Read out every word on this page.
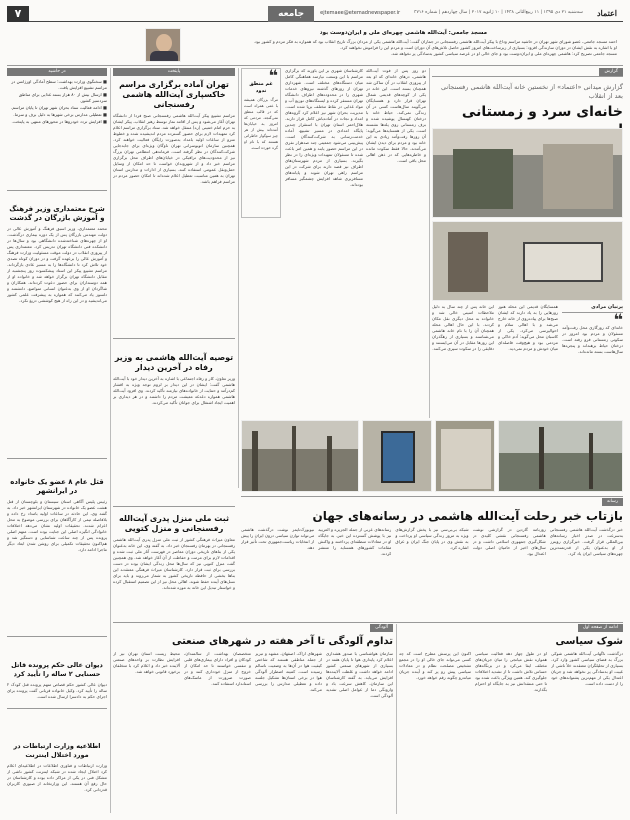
اعتماد
سه‌شنبه ۲۱ دی ۱۳۹۵ | ۱۱ ربیع‌الثانی ۱۴۳۸ | ۱۰ ژانویه ۲۰۱۷ | سال چهاردهم | شماره ۳۷۱۶
ejtemaee@etemadnewspaper.ir
جامعه
۷
مسجد جامعی: آیت‌الله هاشمی چهره‌ای ملی و ایران‌دوست بود
احمد مسجد جامعی، عضو شورای شهر تهران در حاشیه مراسم وداع با پیکر آیت‌الله هاشمی رفسنجانی در جماران گفت: آیت‌الله هاشمی یکی از مردان بزرگ تاریخ انقلاب بود که همواره به فکر مردم و کشور بود.
او با اشاره به نقش ایشان در دوران سازندگی افزود: بسیاری از زیرساخت‌های امروز کشور حاصل تلاش‌های آن دوران است و مردم این را فراموش نخواهند کرد.
مسجد جامعی تصریح کرد: هاشمی چهره‌ای ملی و ایران‌دوست بود و جای خالی او در عرصه سیاسی کشور به‌سادگی پر نخواهد شد.
در حاشیه
■ سخنگوی وزارت بهداشت: سطح آمادگی اورژانس در مراسم تشییع افزایش یافت.
■ ارسال بیش از ۸۰ هزار بسته غذایی برای مناطق سردسیر کشور.
■ ادامه فعالیت ستاد بحران شهر تهران تا پایان مراسم.
■ تعطیلی مدارس برخی شهرها به دلیل برف و سرما.
■ افزایش تردد خودروها در محورهای منتهی به پایتخت.
شرح معتمداری وزیر فرهنگ و آموزش بازرگان در گذشت
محمد معتمداری، وزیر اسبق فرهنگ و آموزش عالی در دولت مهندس بازرگان پس از یک دوره بیماری درگذشت. او از چهره‌های شناخته‌شده دانشگاهی بود و سال‌ها در دانشکده فنی دانشگاه تهران تدریس کرد. معتمداری پس از پیروزی انقلاب در دولت موقت مسئولیت وزارت فرهنگ و آموزش عالی را برعهده گرفت و در دوران کوتاه تصدی خود تلاش کرد تا دانشگاه‌ها را به مسیر عادی بازگرداند. مراسم تشییع پیکر این استاد پیشکسوت روز پنجشنبه از مقابل دانشگاه تهران برگزار خواهد شد و خانواده او از همه دوستداران برای حضور دعوت کرده‌اند. همکاران و شاگردان او از وی به‌عنوان انسانی متواضع، دانشمند و دلسوز یاد می‌کنند که همواره به پیشرفت علمی کشور می‌اندیشید و در این راه از هیچ کوششی دریغ نکرد.
قتل عام ۸ عضو یک خانواده در ایرانشهر
رئیس پلیس آگاهی استان سیستان و بلوچستان از قتل هشت عضو یک خانواده در شهرستان ایرانشهر خبر داد. به گفته وی، این حادثه در ساعات اولیه بامداد رخ داده و بلافاصله تیمی از کارآگاهان برای بررسی موضوع به محل اعزام شدند. تحقیقات اولیه نشان می‌دهد اختلافات خانوادگی انگیزه اصلی این جنایت بوده است. متهم اصلی پرونده پس از چند ساعت شناسایی و دستگیر شد و هم‌اکنون تحقیقات تکمیلی برای روشن شدن ابعاد دیگر ماجرا ادامه دارد.
دیوان عالی حکم پرونده قاتل حسنایی ۲ ساله را تأیید کرد
دیوان عالی کشور حکم قصاص متهم پرونده قتل کودک ۲ ساله را تأیید کرد. وکیل خانواده قربانی گفت پرونده برای اجرای حکم به دادسرا ارسال شده است.
اطلاعیه وزارت ارتباطات در مورد اختلال اینترنت
وزارت ارتباطات و فناوری اطلاعات در اطلاعیه‌ای اعلام کرد اختلال ایجاد شده در شبکه اینترنت کشور ناشی از مشکل فنی در یکی از مراکز داده بوده و کارشناسان در حال رفع آن هستند. این وزارتخانه از صبوری کاربران قدردانی کرد.
پایتخت
تهران آماده برگزاری مراسم خاکسپاری آیت‌الله هاشمی رفسنجانی
مراسم تشییع پیکر آیت‌الله هاشمی رفسنجانی صبح فردا از دانشگاه تهران آغاز می‌شود و پس از اقامه نماز توسط رهبر انقلاب، پیکر ایشان به حرم امام خمینی (ره) منتقل خواهد شد. ستاد برگزاری مراسم اعلام کرد تمهیدات لازم برای حضور گسترده مردم اندیشیده شده و خطوط مترو از ساعات اولیه بامداد به‌صورت رایگان فعالیت خواهند کرد. همچنین سازمان اتوبوسرانی تهران ناوگان ویژه‌ای برای جابه‌جایی شرکت‌کنندگان در نظر گرفته است. فرماندهی انتظامی تهران بزرگ نیز از محدودیت‌های ترافیکی در خیابان‌های اطراف محل برگزاری مراسم خبر داد و از شهروندان خواست تا حد امکان از وسایل حمل‌ونقل عمومی استفاده کنند. بسیاری از ادارات و مدارس استان تهران به همین مناسبت تعطیل اعلام شده‌اند تا امکان حضور مردم در مراسم فراهم باشد.
توصیه آیت‌الله هاشمی به وزیر رفاه در آخرین دیدار
وزیر تعاون، کار و رفاه اجتماعی با اشاره به آخرین دیدار خود با آیت‌الله هاشمی گفت: ایشان در این دیدار بر لزوم توجه ویژه به اقشار کم‌درآمد و حمایت از خانواده‌های نیازمند تأکید کردند. وی افزود آیت‌الله هاشمی همواره دغدغه معیشت مردم را داشتند و در هر دیداری بر اهمیت ایجاد اشتغال برای جوانان تأکید می‌کردند.
ثبت ملی منزل پدری آیت‌الله رفسنجانی و منزل کتویی
معاون میراث فرهنگی کشور از ثبت ملی منزل پدری آیت‌الله هاشمی رفسنجانی در بهرمان رفسنجان خبر داد. به گفته وی، این خانه به‌عنوان یکی از بناهای تاریخی دوران معاصر در فهرست آثار ملی ثبت شده و اقدامات لازم برای مرمت و حفاظت از آن آغاز خواهد شد. وی همچنین گفت منزل کتویی نیز که سال‌ها محل زندگی ایشان بوده در دست بررسی برای ثبت قرار دارد. کارشناسان میراث فرهنگی معتقدند این بناها بخشی از حافظه تاریخی کشور به شمار می‌روند و باید برای نسل‌های آینده حفظ شوند. اهالی محل نیز از این تصمیم استقبال کرده و خواستار تبدیل این خانه به موزه شده‌اند.
❝
غم منطق ندود
مرگ بزرگان همیشه با غمی همراه است که در قالب منطق نمی‌گنجد. مردمی که امروز به خیابان‌ها آمده‌اند بیش از هر چیز سوگوار خاطراتی هستند که با نام او گره خورده است.
کارشناسان شهری بر این باورند که برگزاری مراسم با این وسعت نیازمند هماهنگی کامل میان دستگاه‌های مختلف است. شهرداری تهران از روزهای گذشته نیروهای خدمات شهری را در محدوده‌های اطراف دانشگاه تهران مستقر کرده و ایستگاه‌های توزیع آب و مواد غذایی در نقاط مختلف برپا شده است. مدیریت بحران شهر نیز اعلام کرد گروه‌های امداد و نجات در آماده‌باش کامل قرار دارند. هلال‌احمر استان تهران با استقرار چندین پایگاه امدادی در مسیر تشییع، آماده خدمت‌رسانی به شرکت‌کنندگان است. پیش‌بینی می‌شود جمعیتی چند صدهزار نفری در این مراسم حضور یابند و همین امر باعث شده تا مسئولان تمهیدات ویژه‌ای را در نظر بگیرند. بسیاری از مردم شهرستان‌های اطراف نیز قصد دارند برای شرکت در این مراسم راهی تهران شوند و پایانه‌های مسافربری شاهد افزایش چشمگیر مسافر بوده‌اند.
دو روز پس از فوت آیت‌الله هاشمی، درهای خانه‌ای که او بعد از پیروزی انقلاب در آن ساکن شد همچنان بسته است. این خانه در یکی از کوچه‌های قدیمی شمال تهران قرار دارد و همسایگان می‌گویند سال‌هاست کسی در آن زندگی نمی‌کند. حیاط خانه با درختان کهنسال پوشیده شده و برف زمستانی روی پله‌ها نشسته است. یکی از همسایه‌ها می‌گوید: آن روزها رفت‌وآمد زیادی به این خانه بود و مردم برای دیدن ایشان می‌آمدند. حالا فقط سکوت مانده و خاطره‌هایی که در ذهن اهالی محل باقی است.
گزارش
گزارش میدانی «اعتماد» از نخستین خانه آیت‌الله هاشمی رفسنجانی بعد از انقلاب
خانه‌ای سرد و زمستانی
پرنیان مرادی
❝
خانه‌ای که روزگاری محل رفت‌وآمد مسئولان و مردم بود امروز در سکوتی زمستانی فرو رفته است. درختان حیاط برهنه‌اند و پنجره‌ها سال‌هاست بسته مانده‌اند.
همسایگان قدیمی این محله هنوز روزهایی را به یاد دارند که ایشان صبح‌ها برای پیاده‌روی از خانه خارج می‌شد و با اهالی سلام و احوالپرسی می‌کرد. یکی از کاسبان محل می‌گوید: آدم خاکی و مردمی بود و هیچ‌وقت فاصله‌ای میان خودش و مردم نمی‌دید.
این خانه پس از چند سال به دلیل ملاحظات امنیتی خالی شد و خانواده به محل دیگری نقل مکان کردند. با این حال اهالی محله همچنان آن را با نام خانه هاشمی می‌شناسند و بسیاری از رهگذران این روزها مقابل در آن می‌ایستند و دقایقی را در سکوت سپری می‌کنند.
رسانه
بازتاب خبر رحلت آیت‌الله هاشمی در رسانه‌های جهان
خبر درگذشت آیت‌الله هاشمی رفسنجانی به‌سرعت در صدر اخبار رسانه‌های بین‌المللی قرار گرفت. خبرگزاری رویترز از او به‌عنوان یکی از قدرتمندترین چهره‌های سیاسی ایران یاد کرد.
روزنامه گاردین در گزارشی نوشت هاشمی رفسنجانی نقشی کلیدی در شکل‌گیری جمهوری اسلامی داشت و در سال‌های اخیر از حامیان اصلی دولت اعتدال بود.
شبکه بی‌بی‌سی نیز با پخش گزارش‌های ویژه به مرور زندگی سیاسی او پرداخت و به نقش وی در پایان جنگ ایران و عراق اشاره کرد.
رسانه‌های عربی از جمله الجزیره و العربیه نیز با پوشش گسترده این خبر، به جایگاه او در معادلات منطقه‌ای پرداختند و واکنش مقامات کشورهای همسایه را منتشر کردند.
نیویورک‌تایمز نوشت درگذشت هاشمی می‌تواند توازن سیاسی درون ایران را پیش از انتخابات ریاست‌جمهوری تحت تأثیر قرار دهد.
آلودگی
تداوم آلودگی تا آخر هفته در شهرهای صنعتی
سازمان هواشناسی با صدور هشداری اعلام کرد پایداری هوا تا پایان هفته در بسیاری از شهرهای صنعتی کشور ادامه خواهد داشت و غلظت آلاینده‌ها افزایش می‌یابد. به گفته کارشناسان این سازمان، کاهش سرعت باد و وارونگی دما از عوامل اصلی تشدید آلودگی است.
شهرهای اراک، اصفهان، مشهد و تبریز از جمله مناطقی هستند که شاخص کیفیت هوا در آن‌ها به وضعیت ناسالم رسیده است. کمیته اضطرار آلودگی هوا در برخی استان‌ها تشکیل جلسه داده و تعطیلی مدارس را بررسی می‌کند.
متخصصان بهداشت از سالمندان، کودکان و افراد دارای بیماری‌های قلبی و تنفسی خواستند تا حد امکان از خروج از منزل خودداری کنند و در صورت ضرورت از ماسک‌های استاندارد استفاده کنند.
محیط زیست استان تهران نیز از افزایش نظارت بر واحدهای صنعتی آلاینده خبر داد و اعلام کرد با متخلفان برخورد قانونی خواهد شد.
ادامه از صفحه اول
شوک سیاسی
درگذشت ناگهانی آیت‌الله هاشمی شوکی بزرگ به فضای سیاسی کشور وارد کرد. بسیاری از تحلیلگران معتقدند خلأ ناشی از غیبت او به‌سادگی پر نخواهد شد و جریان اعتدال یکی از مهم‌ترین پشتوانه‌های خود را از دست داده است.
او در طول چهار دهه فعالیت سیاسی همواره نقش میانجی را میان جریان‌های مختلف ایفا می‌کرد و در بزنگاه‌های حساس تلاش داشت تا از تشدید اختلافات جلوگیری کند. همین ویژگی باعث شده بود تا حتی منتقدانش نیز به جایگاه او احترام بگذارند.
اکنون این پرسش مطرح است که چه کسی می‌تواند جای خالی او را در مجمع تشخیص مصلحت نظام و در معادلات سیاسی پیش رو پر کند و آینده جریان میانه‌رو چگونه رقم خواهد خورد.
